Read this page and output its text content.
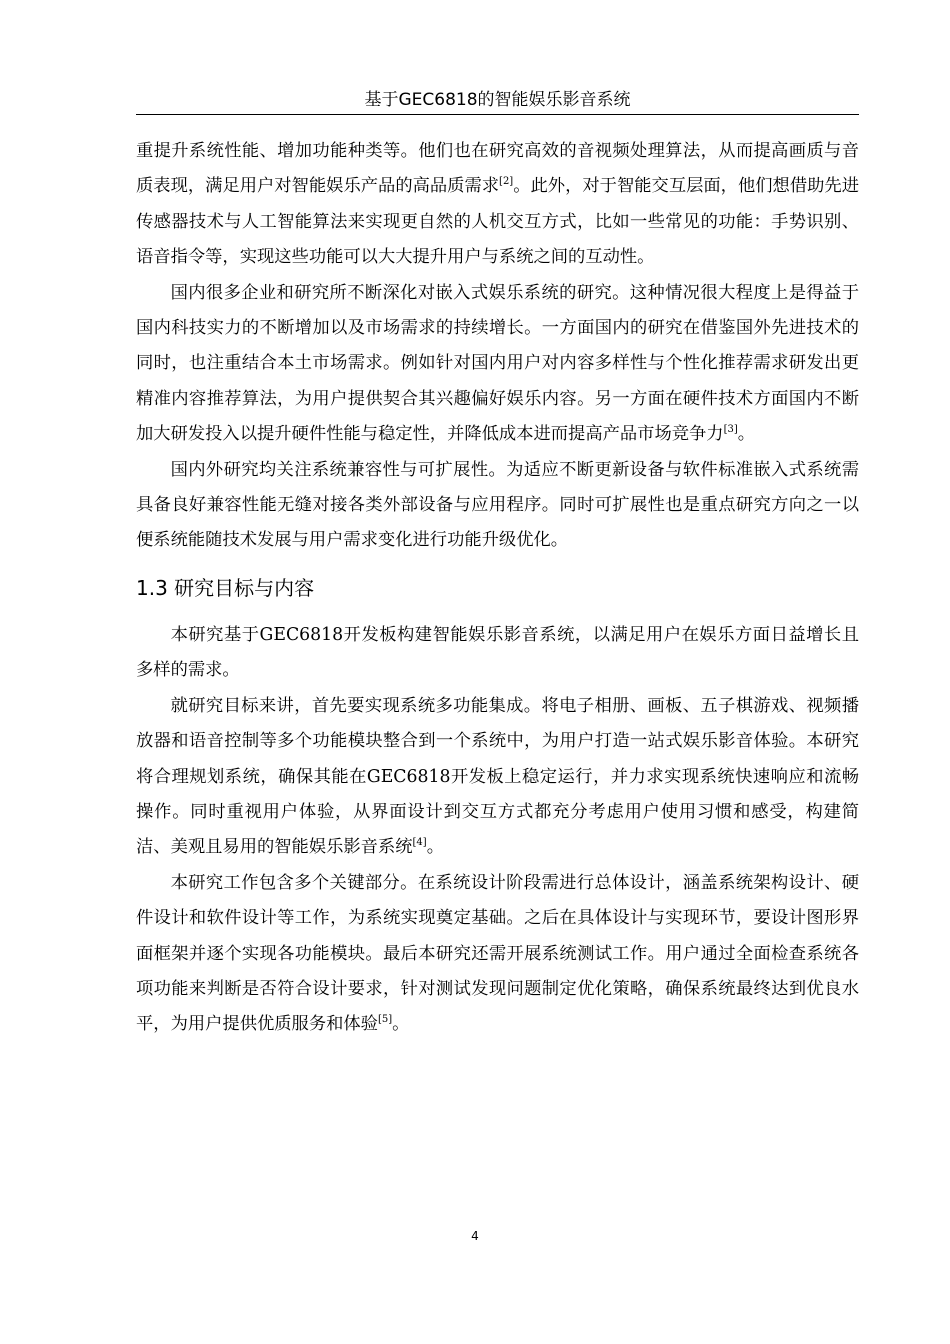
基于GEC6818的智能娱乐影音系统

重提升系统性能、增加功能种类等。他们也在研究高效的音视频处理算法，从而提高画质与音质表现，满足用户对智能娱乐产品的高品质需求[2]。此外，对于智能交互层面，他们想借助先进传感器技术与人工智能算法来实现更自然的人机交互方式，比如一些常见的功能：手势识别、语音指令等，实现这些功能可以大大提升用户与系统之间的互动性。

国内很多企业和研究所不断深化对嵌入式娱乐系统的研究。这种情况很大程度上是得益于国内科技实力的不断增加以及市场需求的持续增长。一方面国内的研究在借鉴国外先进技术的同时，也注重结合本土市场需求。例如针对国内用户对内容多样性与个性化推荐需求研发出更精准内容推荐算法，为用户提供契合其兴趣偏好娱乐内容。另一方面在硬件技术方面国内不断加大研发投入以提升硬件性能与稳定性，并降低成本进而提高产品市场竞争力[3]。

国内外研究均关注系统兼容性与可扩展性。为适应不断更新设备与软件标准嵌入式系统需具备良好兼容性能无缝对接各类外部设备与应用程序。同时可扩展性也是重点研究方向之一以便系统能随技术发展与用户需求变化进行功能升级优化。

1.3 研究目标与内容

本研究基于GEC6818开发板构建智能娱乐影音系统，以满足用户在娱乐方面日益增长且多样的需求。

就研究目标来讲，首先要实现系统多功能集成。将电子相册、画板、五子棋游戏、视频播放器和语音控制等多个功能模块整合到一个系统中，为用户打造一站式娱乐影音体验。本研究将合理规划系统，确保其能在GEC6818开发板上稳定运行，并力求实现系统快速响应和流畅操作。同时重视用户体验，从界面设计到交互方式都充分考虑用户使用习惯和感受，构建简洁、美观且易用的智能娱乐影音系统[4]。

本研究工作包含多个关键部分。在系统设计阶段需进行总体设计，涵盖系统架构设计、硬件设计和软件设计等工作，为系统实现奠定基础。之后在具体设计与实现环节，要设计图形界面框架并逐个实现各功能模块。最后本研究还需开展系统测试工作。用户通过全面检查系统各项功能来判断是否符合设计要求，针对测试发现问题制定优化策略，确保系统最终达到优良水平，为用户提供优质服务和体验[5]。

4
